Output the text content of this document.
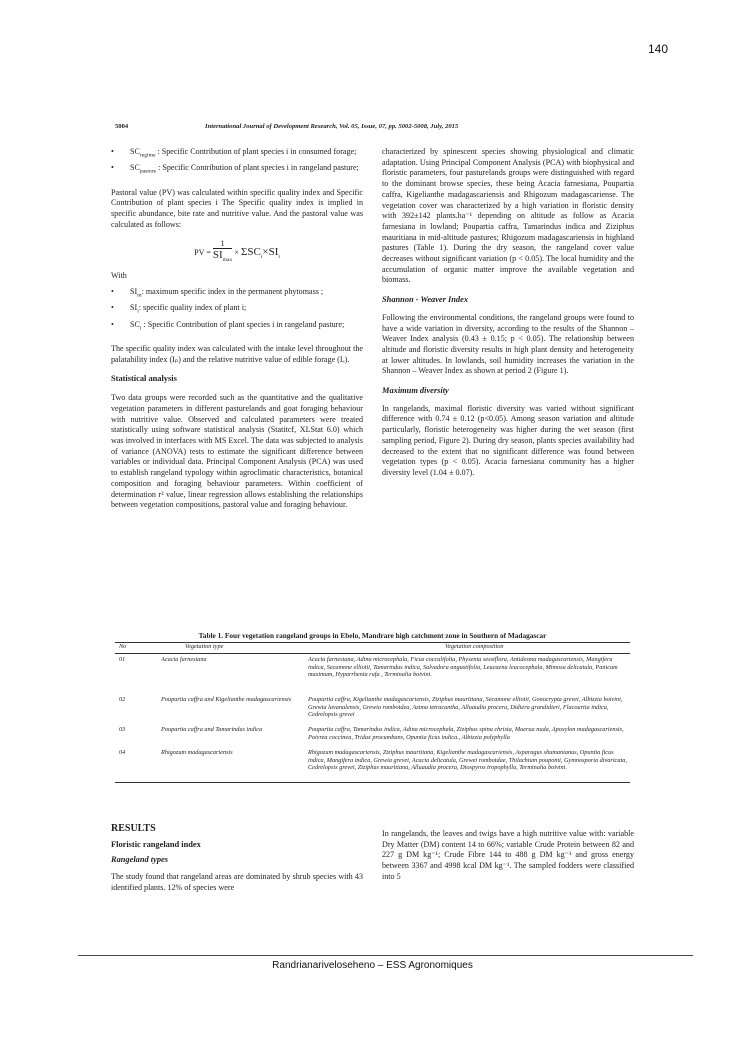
140
5004	International Journal of Development Research, Vol. 05, Issue, 07, pp. 5002-5008, July, 2015
• $SC_{regime}$ : Specific Contribution of plant species i in consumed forage;
• $SC_{pasture}$ : Specific Contribution of plant species i in rangeland pasture;

Pastoral value (PV) was calculated within specific quality index and Specific Contribution of plant species i The Specific quality index is implied in specific abundance, bite rate and nutritive value. And the pastoral value was calculated as follows:

PV = $\frac{1}{SI_{max}} \times \Sigma SC_i\times SI_i$

With

• $SI_m$: maximum specific index in the permanent phytomass ;
• $SI_i$: specific quality index of plant i;
• $SC_i$ : Specific Contribution of plant species i in rangeland pasture;

The specific quality index was calculated with the intake level throughout the palatability index (Iₚ) and the relative nutritive value of edible forage (Iₑ).

Statistical analysis

Two data groups were recorded such as the quantitative and the qualitative vegetation parameters in different pasturelands and goat foraging behaviour with nutritive value. Observed and calculated parameters were treated statistically using software statistical analysis (Statitcf, XLStat 6.0) which was involved in interfaces with MS Excel. The data was subjected to analysis of variance (ANOVA) tests to estimate the significant difference between variables or individual data. Principal Component Analysis (PCA) was used to establish rangeland typology within agroclimatic characteristics, botanical composition and foraging behaviour parameters. Within coefficient of determination r² value, linear regression allows establishing the relationships between vegetation compositions, pastoral value and foraging behaviour.

characterized by spinescent species showing physiological and climatic adaptation. Using Principal Component Analysis (PCA) with biophysical and floristic parameters, four pasturelands groups were distinguished with regard to the dominant browse species, these being Acacia farnesiana, Poupartia caffra, Kigelianthe madagascariensis and Rhigozum madagascariense. The vegetation cover was characterized by a high variation in floristic density with 392±142 plants.ha⁻¹ depending on altitude as follow as Acacia farnesiana in lowland; Poupartia caffra, Tamarindus indica and Ziziphus mauritiana in mid-altitude pastures; Rhigozum madagascariensis in highland pastures (Table 1). During the dry season, the rangeland cover value decreases without significant variation (p < 0.05). The local humidity and the accumulation of organic matter improve the available vegetation and biomass.

Shannon - Weaver Index

Following the environmental conditions, the rangeland groups were found to have a wide variation in diversity, according to the results of the Shannon – Weaver Index analysis (0.43 ± 0.15; p < 0.05). The relationship between altitude and floristic diversity results in high plant density and heterogeneity at lower altitudes. In lowlands, soil humidity increases the variation in the Shannon – Weaver Index as shown at period 2 (Figure 1).

Maximum diversity

In rangelands, maximal floristic diversity was varied without significant difference with 0.74 ± 0.12 (p<0.05). Among season variation and altitude particularly, floristic heterogeneity was higher during the wet season (first sampling period, Figure 2). During dry season, plants species availability had decreased to the extent that no significant difference was found between vegetation types (p < 0.05). Acacia farnesiana community has a higher diversity level (1.04 ± 0.07).

Table 1. Four vegetation rangeland groups in Ebelo, Mandrare high catchment zone in Southern of Madagascar
No	Vegetation type	Vegetation composition
01	Acacia farnesiana	Acacia farnesiana, Adina microcephala, Ficus cocculifolia, Physenia sessiflora, Antidesma madagascariensis, Mangifera indica, Secamone elliotii, Tamarindus indica, Salvadora angustifolia, Leucaena leucocephala, Mimosa delicatula, Panicum maximum, Hyparrhenia rufa , Terminalia boivini.
02	Poupartia caffra and Kigelianthe madagascariensis	Poupartia caffra, Kigelianthe madagascariensis, Ziziphus mauritiana, Secamone elliotii, Gonocrypta grevei, Albizzia boivini, Grewia lavanalensis, Grewia rombotdea, Azima tetracantha, Alluaudia procera, Didiera grandidieri, Flacourtia indica, Cedrelopsis grevei
03	Poupartia caffra and Tamarindus indica	Poupartia caffra, Tamarindus indica, Adina microcephala, Ziziphus spina christa, Maerua nuda, Apoxylon madagascariensis, Poivrea coccinea, Tridax procumbans, Opuntia ficus indica., Albizzia polyphylla
04	Rhigozum madagascariensis	Rhigozum madagascariensis, Ziziphus mauritiana, Kigelianthe madagascariensis, Asparagus shumanianus, Opuntia ficus indica, Mangifera indica, Grewia grevei, Acacia delicatula, Grewei rombotdae, Thilachium pouponii, Gymnosporia divaricata, Cedrelopsis grevei, Ziziphus mauritiana, Alluaudia procera, Diospyros tropophylla, Terminalia boivini.
RESULTS
Floristic rangeland index
Rangeland types

The study found that rangeland areas are dominated by shrub species with 43 identified plants. 12% of species were

In rangelands, the leaves and twigs have a high nutritive value with: variable Dry Matter (DM) content 14 to 66%; variable Crude Protein between 82 and 227 g DM kg⁻¹; Crude Fibre 144 to 488 g DM kg⁻¹ and gross energy between 3367 and 4998 kcal DM kg⁻¹. The sampled fodders were classified into 5

Randrianariveloseheno – ESS Agronomiques
